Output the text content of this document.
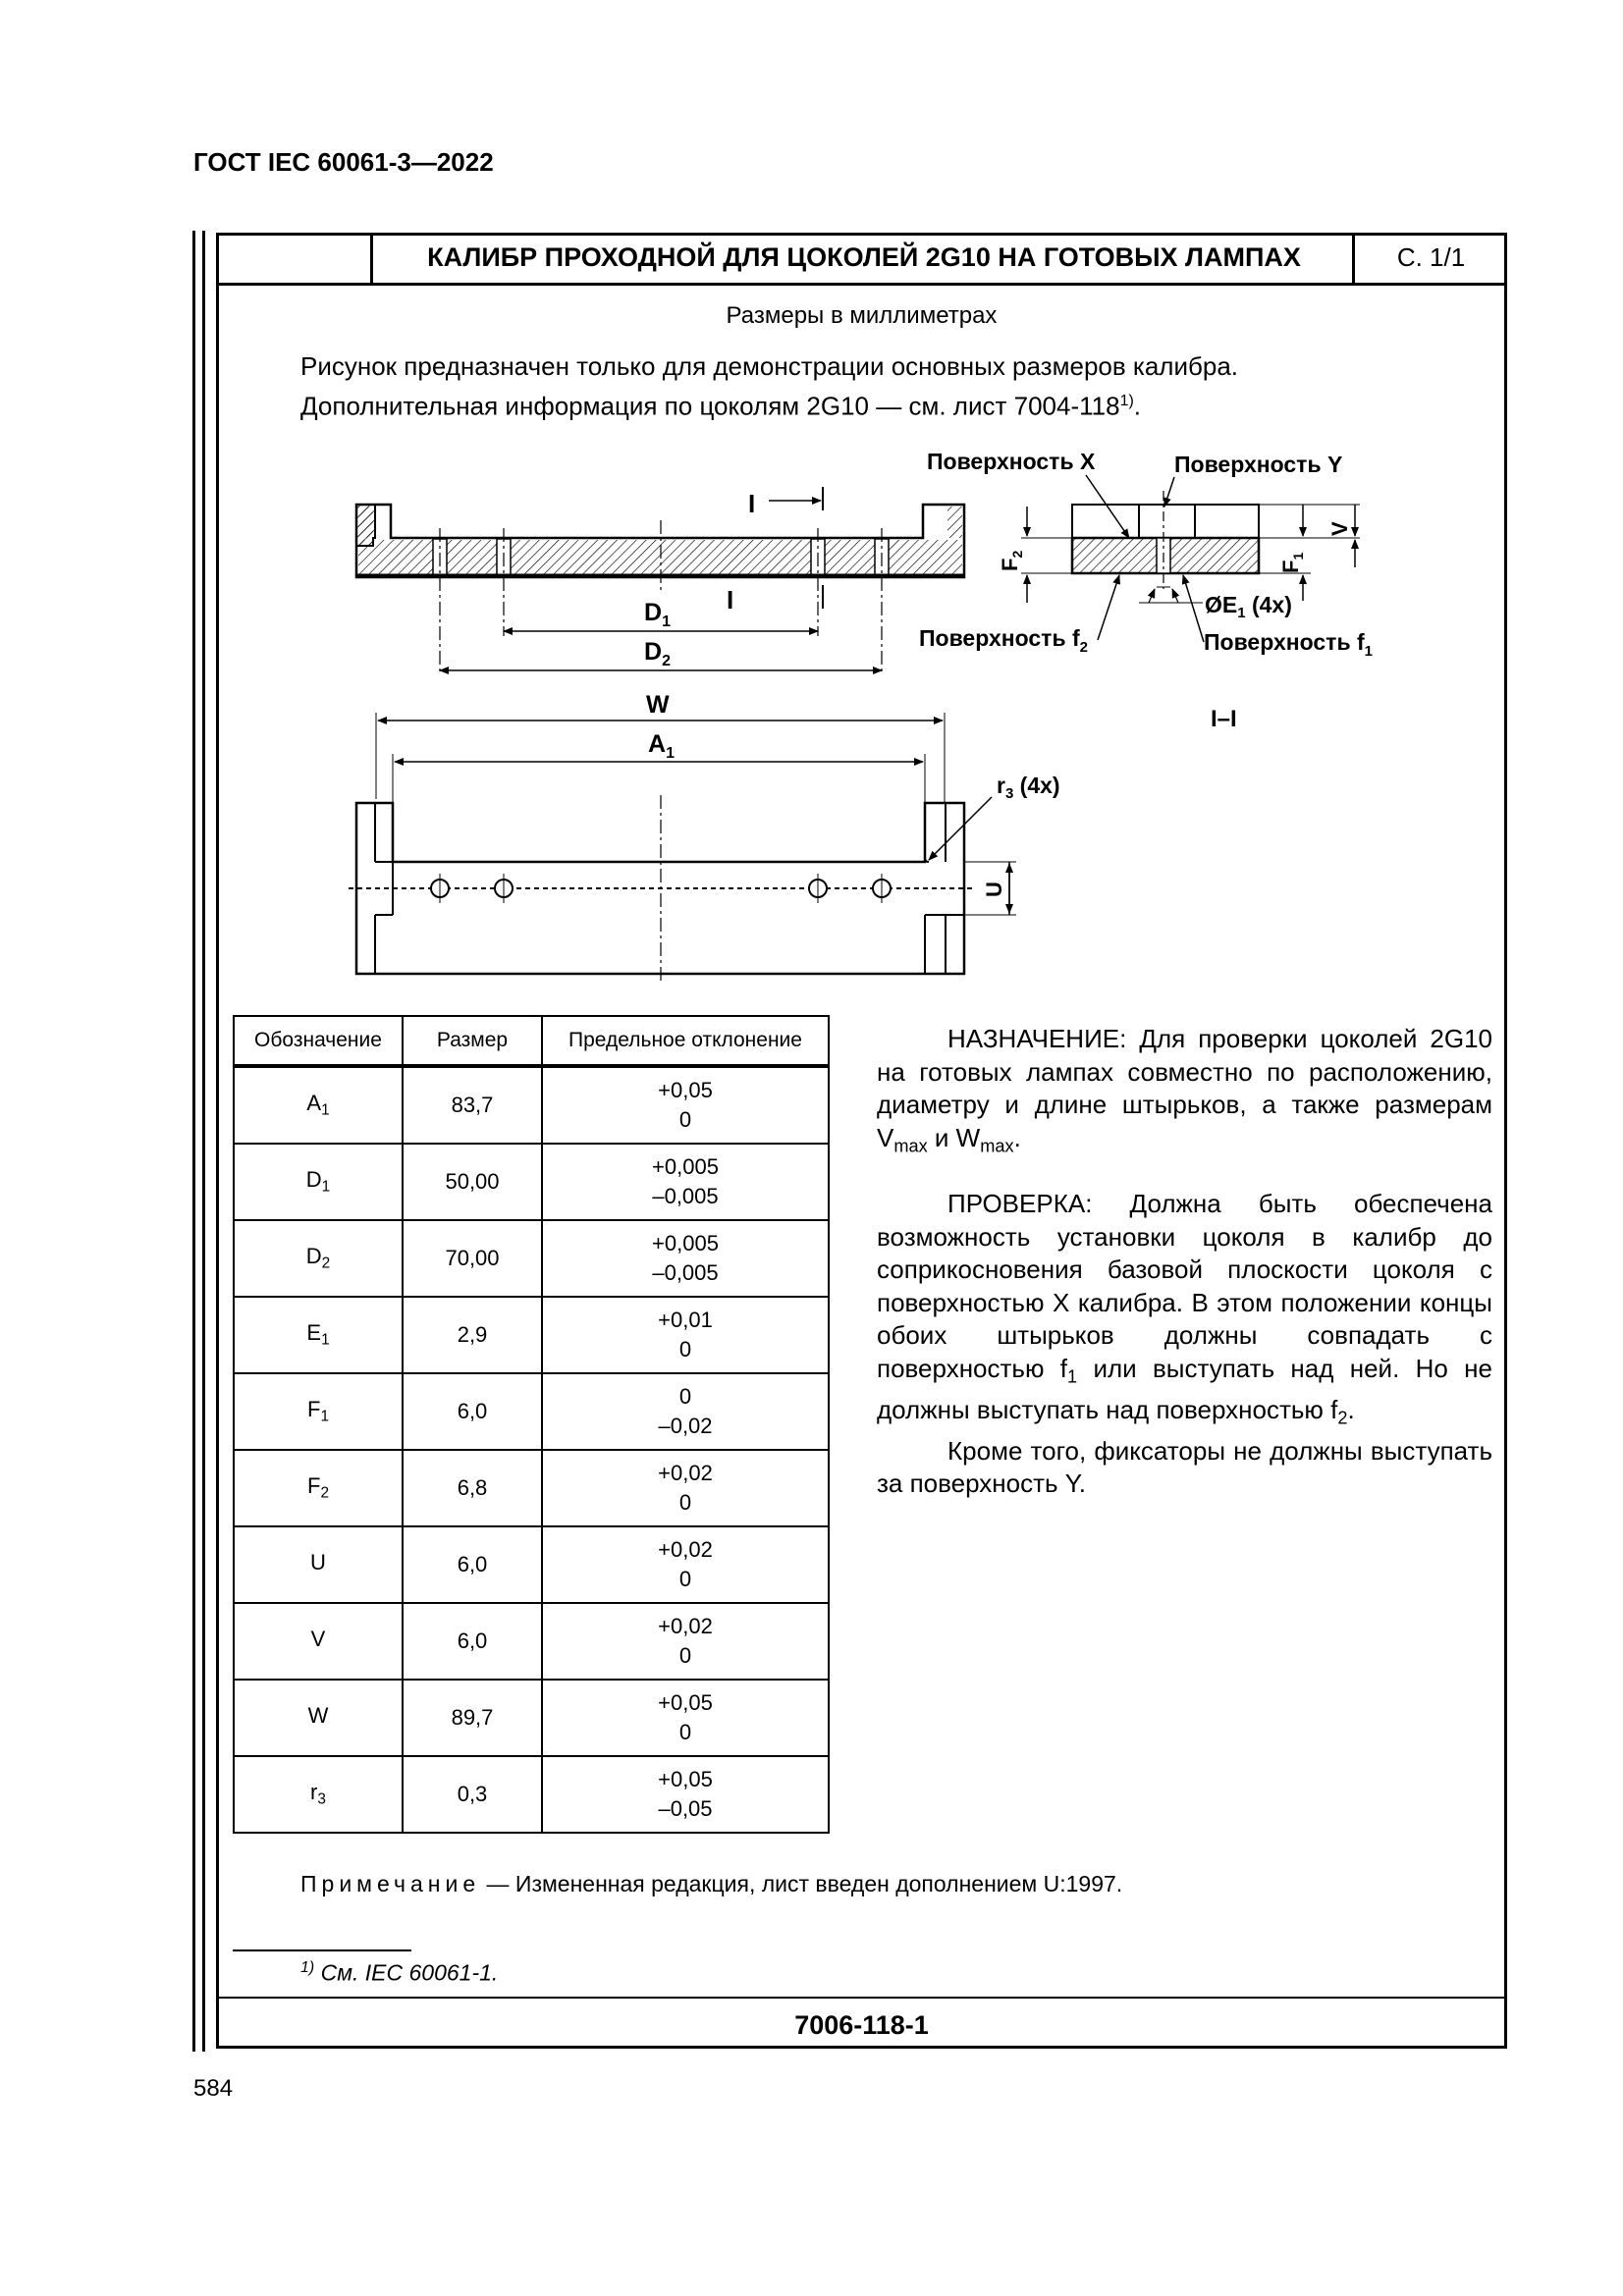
ГОСТ IEC 60061-3—2022
КАЛИБР ПРОХОДНОЙ ДЛЯ ЦОКОЛЕЙ 2G10 НА ГОТОВЫХ ЛАМПАХ	С. 1/1
Размеры в миллиметрах
Рисунок предназначен только для демонстрации основных размеров калибра.
Дополнительная информация по цоколям 2G10 — см. лист 7004-118$^{1)}$.
I
I
$D_1$
$D_2$
$F_2$
V
$F_1$
Поверхность X	Поверхность Y
$ØE_1$ (4x)
Поверхность $f_2$	Поверхность $f_1$
I–I
W
$A_1$
$r_3$ (4x)
U
Обозначение	Размер	Предельное отклонение
$A_1$	83,7	+0,05
0

$D_1$	50,00	+0,005
–0,005

$D_2$	70,00	+0,005
–0,005

$E_1$	2,9	+0,01
0

$F_1$	6,0	0
–0,02

$F_2$	6,8	+0,02
0

U	6,0	+0,02
0

V	6,0	+0,02
0

W	89,7	+0,05
0

$r_3$	0,3	+0,05
–0,05

НАЗНАЧЕНИЕ: Для проверки цоколей 2G10 на готовых лампах совместно по расположению, диаметру и длине штырьков, а также размерам $V_{max}$ и $W_{max}$.

ПРОВЕРКА: Должна быть обеспечена возможность установки цоколя в калибр до соприкосновения базовой плоскости цоколя с поверхностью X калибра. В этом положении концы обоих штырьков должны совпадать с поверхностью $f_1$ или выступать над ней. Но не должны выступать над поверхностью $f_2$.

Кроме того, фиксаторы не должны выступать за поверхность Y.

Примечание — Измененная редакция, лист введен дополнением U:1997.
$^{1)}$ См. IEC 60061-1.
7006-118-1
584
